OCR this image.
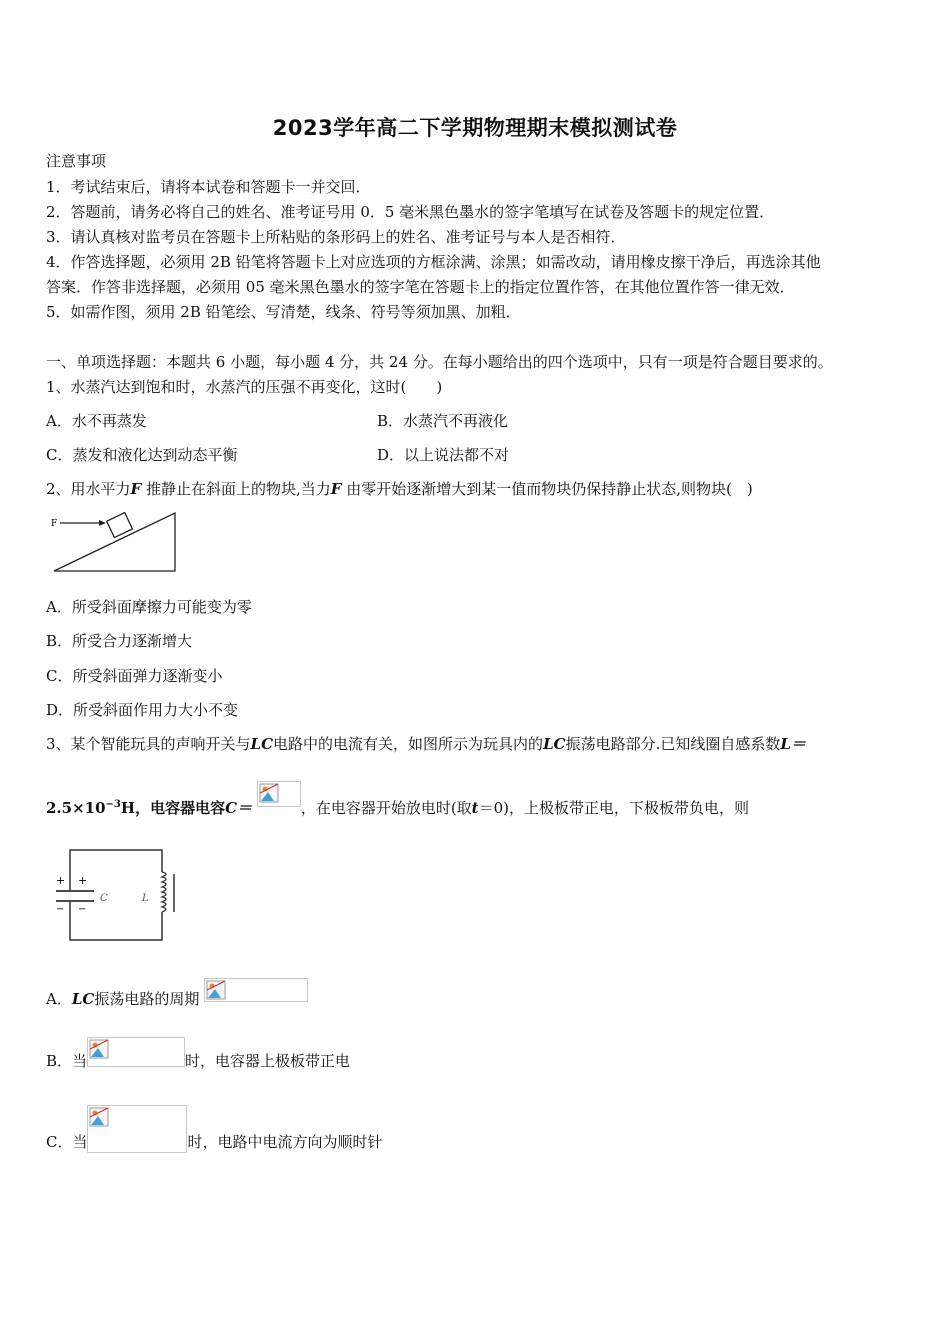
2023学年高二下学期物理期末模拟测试卷
注意事项
1．考试结束后，请将本试卷和答题卡一并交回．
2．答题前，请务必将自己的姓名、准考证号用 0．5 毫米黑色墨水的签字笔填写在试卷及答题卡的规定位置．
3．请认真核对监考员在答题卡上所粘贴的条形码上的姓名、准考证号与本人是否相符．
4．作答选择题，必须用 2B 铅笔将答题卡上对应选项的方框涂满、涂黑；如需改动，请用橡皮擦干净后，再选涂其他
答案．作答非选择题，必须用 05 毫米黑色墨水的签字笔在答题卡上的指定位置作答，在其他位置作答一律无效．
5．如需作图，须用 2B 铅笔绘、写清楚，线条、符号等须加黑、加粗．
一、单项选择题：本题共 6 小题，每小题 4 分，共 24 分。在每小题给出的四个选项中，只有一项是符合题目要求的。
1、水蒸汽达到饱和时，水蒸汽的压强不再变化，这时(　　)
A．水不再蒸发	B．水蒸汽不再液化
C．蒸发和液化达到动态平衡	D．以上说法都不对
2、用水平力F 推静止在斜面上的物块,当力F 由零开始逐渐增大到某一值而物块仍保持静止状态,则物块(　)
F
A．所受斜面摩擦力可能变为零
B．所受合力逐渐增大
C．所受斜面弹力逐渐变小
D．所受斜面作用力大小不变
3、某个智能玩具的声响开关与LC电路中的电流有关，如图所示为玩具内的LC振荡电路部分.已知线圈自感系数L＝
$2.5\times 10^{-3}H$，电容器电容C＝	，在电容器开始放电时(取t＝0)，上极板带正电，下极板带负电，则
+ +
− −
C	L
A．LC振荡电路的周期
B．当	时，电容器上极板带正电
C．当	时，电路中电流方向为顺时针
